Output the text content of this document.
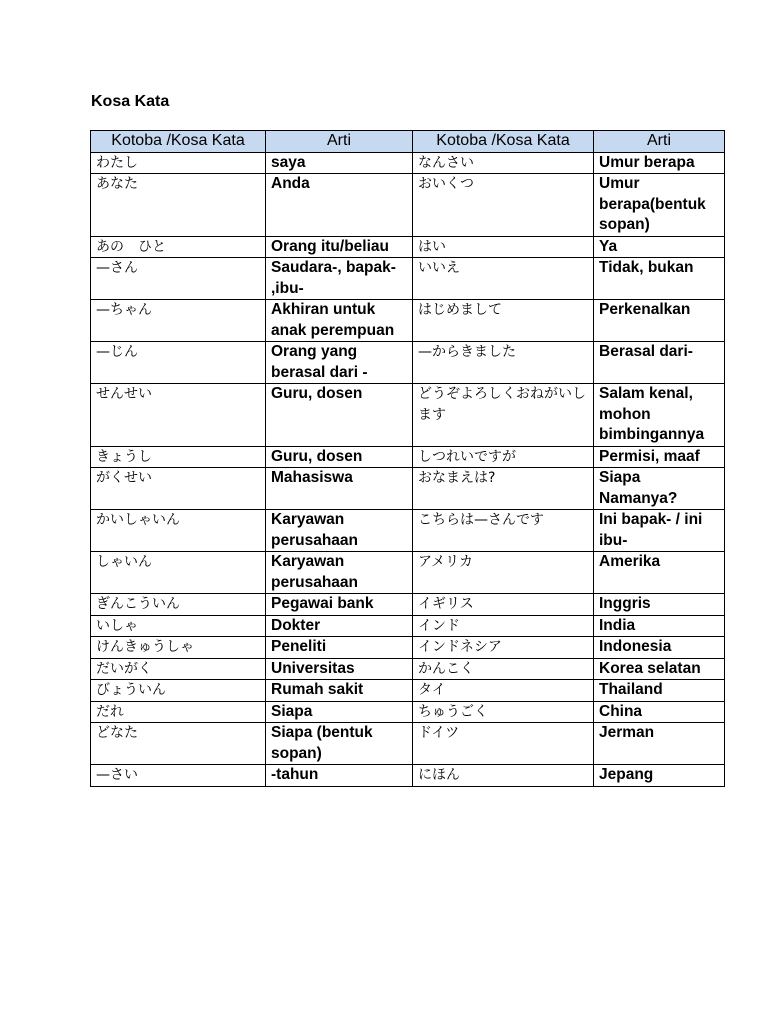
Kosa Kata
Kotoba /Kosa Kata	Arti	Kotoba /Kosa Kata	Arti
わたし	saya	なんさい	Umur berapa
あなた	Anda	おいくつ	Umur berapa(bentuk sopan)
あの　ひと	Orang itu/beliau	はい	Ya
—さん	Saudara-, bapak- ,ibu-	いいえ	Tidak, bukan
—ちゃん	Akhiran untuk anak perempuan	はじめまして	Perkenalkan
—じん	Orang yang berasal dari -	—からきました	Berasal dari-
せんせい	Guru, dosen	どうぞよろしくおねがいします	Salam kenal, mohon bimbingannya
きょうし	Guru, dosen	しつれいですが	Permisi, maaf
がくせい	Mahasiswa	おなまえは?	Siapa Namanya?
かいしゃいん	Karyawan perusahaan	こちらは—さんです	Ini bapak- / ini ibu-
しゃいん	Karyawan perusahaan	アメリカ	Amerika
ぎんこういん	Pegawai bank	イギリス	Inggris
いしゃ	Dokter	インド	India
けんきゅうしゃ	Peneliti	インドネシア	Indonesia
だいがく	Universitas	かんこく	Korea selatan
びょういん	Rumah sakit	タイ	Thailand
だれ	Siapa	ちゅうごく	China
どなた	Siapa (bentuk sopan)	ドイツ	Jerman
—さい	-tahun	にほん	Jepang
